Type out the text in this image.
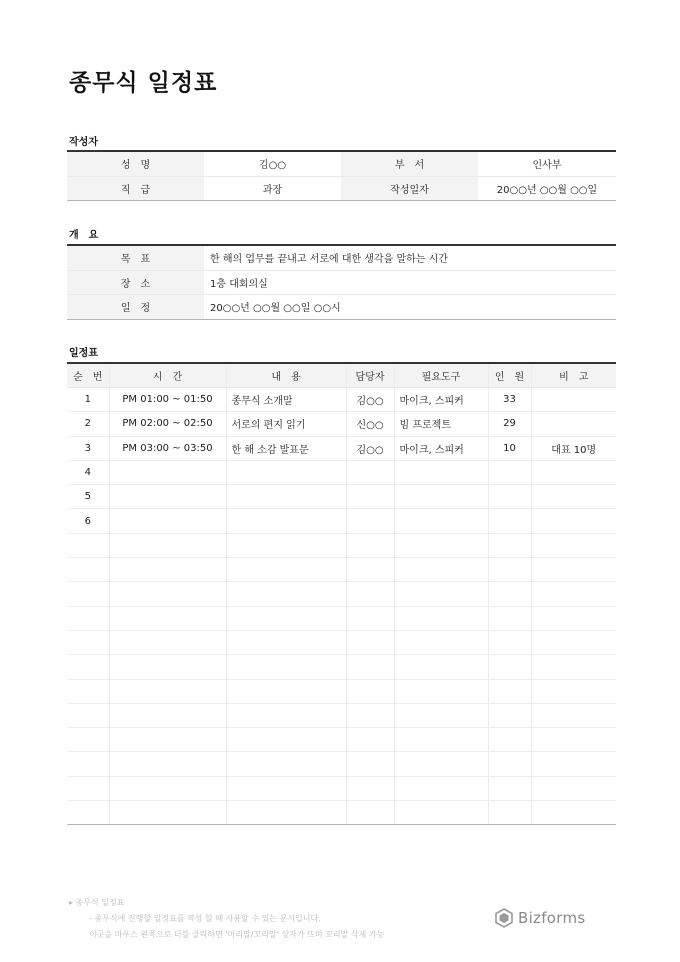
종무식 일정표
작성자
성　명	김○○	부　서	인사부
직　급	과장	작성일자	20○○년 ○○월 ○○일
개　요
목　표	한 해의 업무를 끝내고 서로에 대한 생각을 말하는 시간
장　소	1층 대회의실
일　정	20○○년 ○○월 ○○일 ○○시
일정표
순　번	시　간	내　용	담당자	필요도구	인　원	비　고
1	PM 01:00 ~ 01:50	종무식 소개말	김○○	마이크, 스피커	33	
2	PM 02:00 ~ 02:50	서로의 편지 읽기	신○○	빔 프로젝트	29	
3	PM 03:00 ~ 03:50	한 해 소감 발표문	김○○	마이크, 스피커	10	대표 10명
4						
5						
6						

▸ 종무식 일정표
- 종무식에 진행할 일정표를 작성 할 때 사용할 수 있는 문서입니다.
이곳을 마우스 왼쪽으로 더블 클릭하면 '머리말/꼬리말' 상자가 뜨며 꼬리말 삭제 가능
Bizforms
